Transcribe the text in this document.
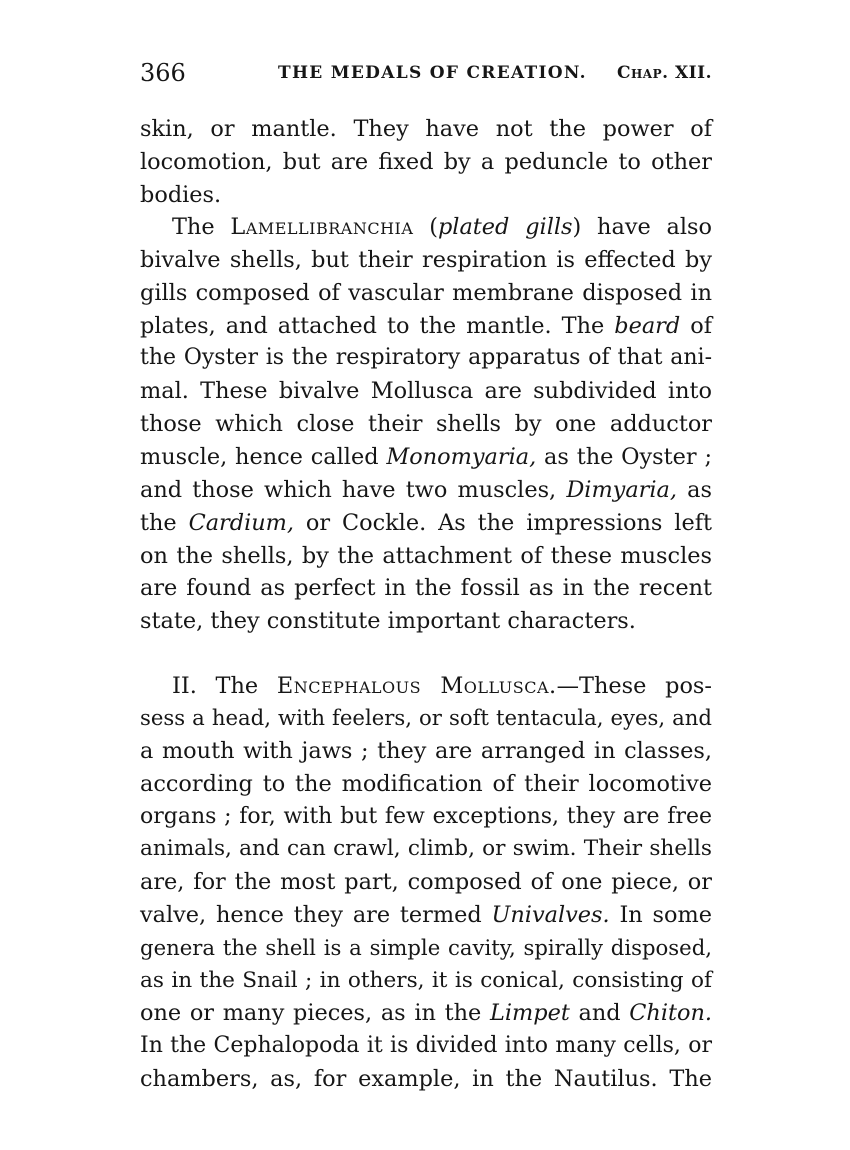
366	THE MEDALS OF CREATION. Chap. XII.
skin, or mantle. They have not the power of
locomotion, but are fixed by a peduncle to other
bodies.
The Lamellibranchia (plated gills) have also
bivalve shells, but their respiration is effected by
gills composed of vascular membrane disposed in
plates, and attached to the mantle. The beard of
the Oyster is the respiratory apparatus of that ani-
mal. These bivalve Mollusca are subdivided into
those which close their shells by one adductor
muscle, hence called Monomyaria, as the Oyster ;
and those which have two muscles, Dimyaria, as
the Cardium, or Cockle. As the impressions left
on the shells, by the attachment of these muscles
are found as perfect in the fossil as in the recent
state, they constitute important characters.
II. The Encephalous Mollusca.—These pos-
sess a head, with feelers, or soft tentacula, eyes, and
a mouth with jaws ; they are arranged in classes,
according to the modification of their locomotive
organs ; for, with but few exceptions, they are free
animals, and can crawl, climb, or swim. Their shells
are, for the most part, composed of one piece, or
valve, hence they are termed Univalves. In some
genera the shell is a simple cavity, spirally disposed,
as in the Snail ; in others, it is conical, consisting of
one or many pieces, as in the Limpet and Chiton.
In the Cephalopoda it is divided into many cells, or
chambers, as, for example, in the Nautilus. The
